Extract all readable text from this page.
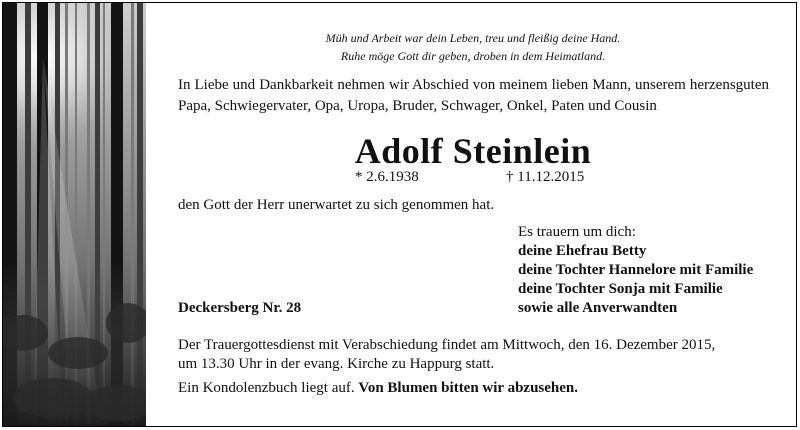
Müh und Arbeit war dein Leben, treu und fleißig deine Hand.
Ruhe möge Gott dir geben, droben in dem Heimatland.
In Liebe und Dankbarkeit nehmen wir Abschied von meinem lieben Mann, unserem herzensguten Papa, Schwiegervater, Opa, Uropa, Bruder, Schwager, Onkel, Paten und Cousin
Adolf Steinlein
* 2.6.1938	† 11.12.2015
den Gott der Herr unerwartet zu sich genommen hat.
Es trauern um dich:
deine Ehefrau Betty
deine Tochter Hannelore mit Familie
deine Tochter Sonja mit Familie
sowie alle Anverwandten
Deckersberg Nr. 28
Der Trauergottesdienst mit Verabschiedung findet am Mittwoch, den 16. Dezember 2015,
um 13.30 Uhr in der evang. Kirche zu Happurg statt.
Ein Kondolenzbuch liegt auf. Von Blumen bitten wir abzusehen.
